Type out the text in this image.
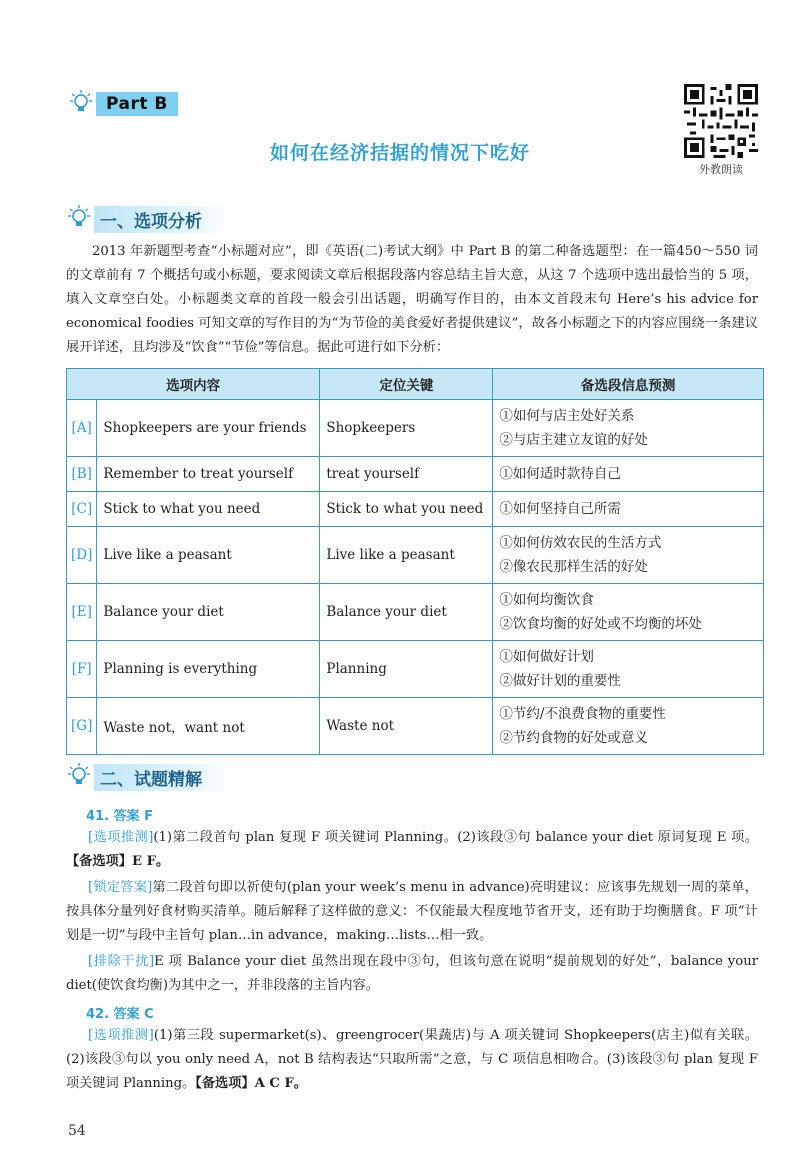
Part B
外教朗读
如何在经济拮据的情况下吃好
一、选项分析
2013 年新题型考查“小标题对应”，即《英语(二)考试大纲》中 Part B 的第二种备选题型：在一篇450～550 词的文章前有 7 个概括句或小标题，要求阅读文章后根据段落内容总结主旨大意，从这 7 个选项中选出最恰当的 5 项，填入文章空白处。小标题类文章的首段一般会引出话题，明确写作目的，由本文首段末句 Here’s his advice for economical foodies 可知文章的写作目的为“为节俭的美食爱好者提供建议”，故各小标题之下的内容应围绕一条建议展开详述，且均涉及“饮食”“节俭”等信息。据此可进行如下分析：
选项内容		定位关键	备选段信息预测
[A]	Shopkeepers are your friends	Shopkeepers	①如何与店主处好关系
②与店主建立友谊的好处

[B]	Remember to treat yourself	treat yourself	①如何适时款待自己

[C]	Stick to what you need	Stick to what you need	①如何坚持自己所需

[D]	Live like a peasant	Live like a peasant	①如何仿效农民的生活方式
②像农民那样生活的好处

[E]	Balance your diet	Balance your diet	①如何均衡饮食
②饮食均衡的好处或不均衡的坏处

[F]	Planning is everything	Planning	①如何做好计划
②做好计划的重要性

[G]	Waste not，want not	Waste not	①节约/不浪费食物的重要性
②节约食物的好处或意义
二、试题精解
41. 答案 F
[选项推测](1)第二段首句 plan 复现 F 项关键词 Planning。(2)该段③句 balance your diet 原词复现 E 项。【备选项】E F。
[锁定答案]第二段首句即以祈使句(plan your week’s menu in advance)亮明建议：应该事先规划一周的菜单，按具体分量列好食材购买清单。随后解释了这样做的意义：不仅能最大程度地节省开支，还有助于均衡膳食。F 项“计划是一切”与段中主旨句 plan…in advance，making…lists…相一致。
[排除干扰]E 项 Balance your diet 虽然出现在段中③句，但该句意在说明“提前规划的好处”，balance your diet(使饮食均衡)为其中之一，并非段落的主旨内容。
42. 答案 C
[选项推测](1)第三段 supermarket(s)、greengrocer(果蔬店)与 A 项关键词 Shopkeepers(店主)似有关联。(2)该段③句以 you only need A，not B 结构表达“只取所需”之意，与 C 项信息相吻合。(3)该段③句 plan 复现 F 项关键词 Planning。【备选项】A C F。
54
